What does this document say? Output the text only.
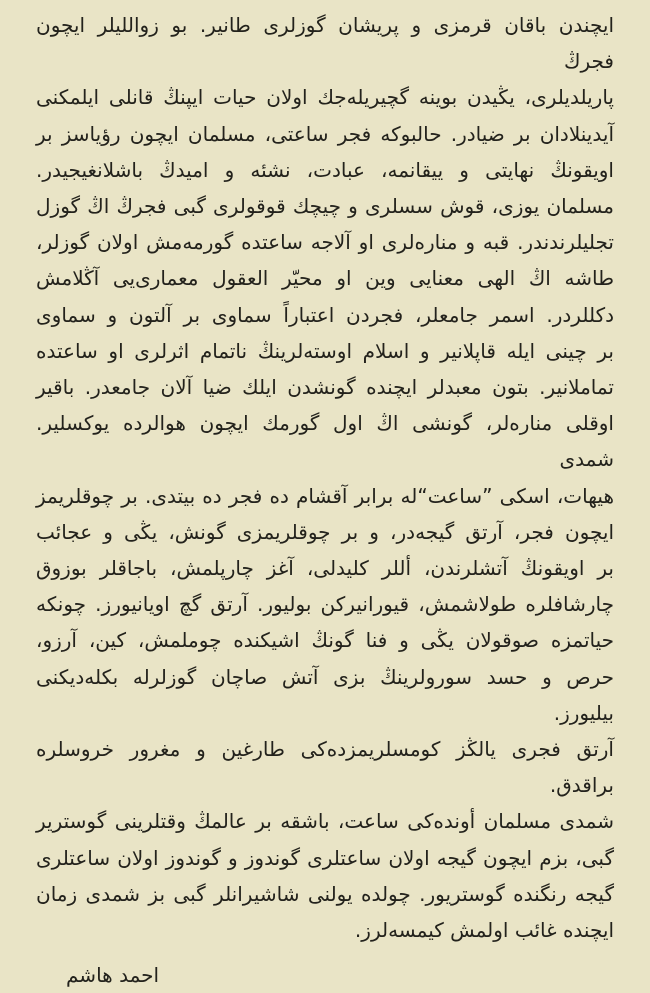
ايچندن باقان قرمزى و پريشان گوزلرى طانير. بو زوالليلر ايچون فجرڭ
پاريلديلرى، يڭيدن بوينه گچيريله‌جك اولان حيات ايپنڭ قانلى ايلمكنى
آيدينلادان بر ضيادر. حالبوكه فجر ساعتى، مسلمان ايچون رؤياسز بر
اويقونڭ نهايتى و ييقانمه، عبادت، نشئه و اميدڭ باشلانغيجيدر.
مسلمان يوزى، قوش سسلرى و چيچك قوقولرى گبى فجرڭ اڭ گوزل
تجليلرندندر. قبه و مناره‌لرى او آلاجه ساعتده گورمه‌مش اولان گوزلر،
طاشه اڭ الهى معنايى وين او محيّر العقول معمارى‌يى آڭلامش
دكللردر. اسمر جامعلر، فجردن اعتباراً سماوى بر آلتون و سماوى
بر چينى ايله قاپلانير و اسلام اوسته‌لرينڭ ناتمام اثرلرى او ساعتده
تماملانير. بتون معبدلر ايچنده گونشدن ايلك ضيا آلان جامعدر. باقير
اوقلى مناره‌لر، گونشى اڭ اول گورمك ايچون هوالرده يوكسلير. شمدى
هيهات، اسكى ”ساعت“له برابر آقشام ده فجر ده بيتدى. بر چوقلريمز
ايچون فجر، آرتق گيجه‌در، و بر چوقلريمزى گونش، يڭى و عجائب
بر اويقونڭ آتشلرندن، أللر كليدلى، آغز چارپلمش، باجاقلر بوزوق
چارشافلره طولاشمش، قيورانيركن بوليور. آرتق گچ اويانيورز. چونكه
حياتمزه صوقولان يڭى و فنا گونڭ اشيكنده چوملمش، كين، آرزو،
حرص و حسد سورولرينڭ بزى آتش صاچان گوزلرله بكله‌ديكنى بيليورز.
آرتق فجرى يالڭز كومسلريمزده‌كى طارغين و مغرور خروسلره براقدق.
شمدى مسلمان أونده‌كى ساعت، باشقه بر عالمڭ وقتلرينى گوسترير
گبى، بزم ايچون گيجه اولان ساعتلرى گوندوز و گوندوز اولان ساعتلرى
گيجه رنگنده گوستريور. چولده يولنى شاشيرانلر گبى بز شمدى زمان
ايچنده غائب اولمش كيمسه‌لرز.
احمد هاشم
